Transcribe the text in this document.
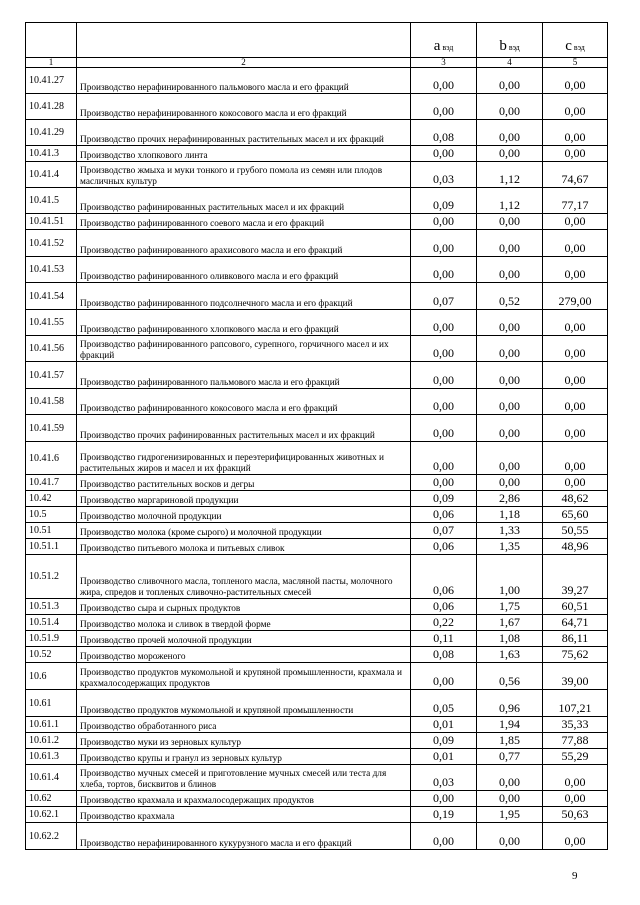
		a вэд	b вэд	c вэд
1	2	3	4	5
10.41.27	Производство нерафинированного пальмового масла и его фракций	0,00	0,00	0,00
10.41.28	Производство нерафинированного кокосового масла и его фракций	0,00	0,00	0,00
10.41.29	Производство прочих нерафинированных растительных масел и их фракций	0,08	0,00	0,00
10.41.3	Производство хлопкового линта	0,00	0,00	0,00
10.41.4	Производство жмыха и муки тонкого и грубого помола из семян или плодов масличных культур	0,03	1,12	74,67
10.41.5	Производство рафинированных растительных масел и их фракций	0,09	1,12	77,17
10.41.51	Производство рафинированного соевого масла и его фракций	0,00	0,00	0,00
10.41.52	Производство рафинированного арахисового масла и его фракций	0,00	0,00	0,00
10.41.53	Производство рафинированного оливкового масла и его фракций	0,00	0,00	0,00
10.41.54	Производство рафинированного подсолнечного масла и его фракций	0,07	0,52	279,00
10.41.55	Производство рафинированного хлопкового масла и его фракций	0,00	0,00	0,00
10.41.56	Производство рафинированного рапсового, сурепного, горчичного масел и их фракций	0,00	0,00	0,00
10.41.57	Производство рафинированного пальмового масла и его фракций	0,00	0,00	0,00
10.41.58	Производство рафинированного кокосового масла и его фракций	0,00	0,00	0,00
10.41.59	Производство прочих рафинированных растительных масел и их фракций	0,00	0,00	0,00
10.41.6	Производство гидрогенизированных и переэтерифицированных животных и растительных жиров и масел и их фракций	0,00	0,00	0,00
10.41.7	Производство растительных восков и дегры	0,00	0,00	0,00
10.42	Производство маргариновой продукции	0,09	2,86	48,62
10.5	Производство молочной продукции	0,06	1,18	65,60
10.51	Производство молока (кроме сырого) и молочной продукции	0,07	1,33	50,55
10.51.1	Производство питьевого молока и питьевых сливок	0,06	1,35	48,96
10.51.2	Производство сливочного масла, топленого масла, масляной пасты, молочного жира, спредов и топленых сливочно-растительных смесей	0,06	1,00	39,27
10.51.3	Производство сыра и сырных продуктов	0,06	1,75	60,51
10.51.4	Производство молока и сливок в твердой форме	0,22	1,67	64,71
10.51.9	Производство прочей молочной продукции	0,11	1,08	86,11
10.52	Производство мороженого	0,08	1,63	75,62
10.6	Производство продуктов мукомольной и крупяной промышленности, крахмала и крахмалосодержащих продуктов	0,00	0,56	39,00
10.61	Производство продуктов мукомольной и крупяной промышленности	0,05	0,96	107,21
10.61.1	Производство обработанного риса	0,01	1,94	35,33
10.61.2	Производство муки из зерновых культур	0,09	1,85	77,88
10.61.3	Производство крупы и гранул из зерновых культур	0,01	0,77	55,29
10.61.4	Производство мучных смесей и приготовление мучных смесей или теста для хлеба, тортов, бисквитов и блинов	0,03	0,00	0,00
10.62	Производство крахмала и крахмалосодержащих продуктов	0,00	0,00	0,00
10.62.1	Производство крахмала	0,19	1,95	50,63
10.62.2	Производство нерафинированного кукурузного масла и его фракций	0,00	0,00	0,00
9
